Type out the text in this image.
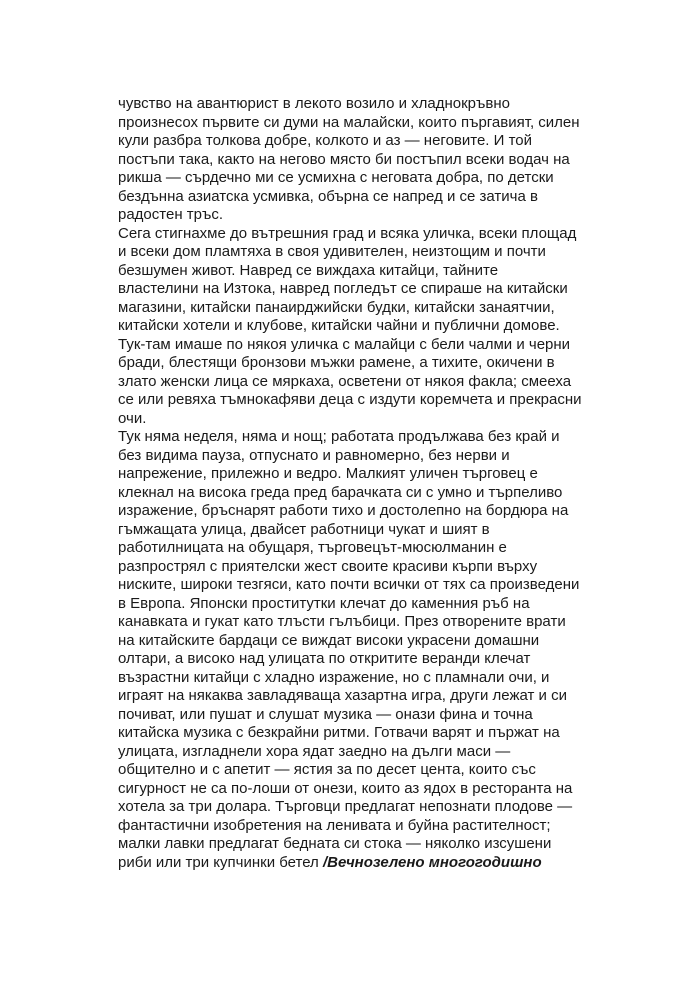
чувство на авантюрист в лекото возило и хладнокръвно
произнесох първите си думи на малайски, които пъргавият, силен
кули разбра толкова добре, колкото и аз — неговите. И той
постъпи така, както на негово място би постъпил всеки водач на
рикша — сърдечно ми се усмихна с неговата добра, по детски
бездънна азиатска усмивка, обърна се напред и се затича в
радостен тръс.
Сега стигнахме до вътрешния град и всяка уличка, всеки площад
и всеки дом пламтяха в своя удивителен, неизтощим и почти
безшумен живот. Навред се виждаха китайци, тайните
властелини на Изтока, навред погледът се спираше на китайски
магазини, китайски панаирджийски будки, китайски занаятчии,
китайски хотели и клубове, китайски чайни и публични домове.
Тук-там имаше по някоя уличка с малайци с бели чалми и черни
бради, блестящи бронзови мъжки рамене, а тихите, окичени в
злато женски лица се мяркаха, осветени от някоя факла; смееха
се или ревяха тъмнокафяви деца с издути коремчета и прекрасни
очи.
Тук няма неделя, няма и нощ; работата продължава без край и
без видима пауза, отпуснато и равномерно, без нерви и
напрежение, прилежно и ведро. Малкият уличен търговец е
клекнал на висока греда пред барачката си с умно и търпеливо
изражение, бръснарят работи тихо и достолепно на бордюра на
гъмжащата улица, двайсет работници чукат и шият в
работилницата на обущаря, търговецът-мюсюлманин е
разпрострял с приятелски жест своите красиви кърпи върху
ниските, широки тезгяси, като почти всички от тях са произведени
в Европа. Японски проститутки клечат до каменния ръб на
канавката и гукат като тлъсти гълъбици. През отворените врати
на китайските бардаци се виждат високи украсени домашни
олтари, а високо над улицата по откритите веранди клечат
възрастни китайци с хладно изражение, но с пламнали очи, и
играят на някаква завладяваща хазартна игра, други лежат и си
почиват, или пушат и слушат музика — онази фина и точна
китайска музика с безкрайни ритми. Готвачи варят и пържат на
улицата, изгладнели хора ядат заедно на дълги маси —
общително и с апетит — ястия за по десет цента, които със
сигурност не са по-лоши от онези, които аз ядох в ресторанта на
хотела за три долара. Търговци предлагат непознати плодове —
фантастични изобретения на ленивата и буйна растителност;
малки лавки предлагат бедната си стока — няколко изсушени
риби или три купчинки бетел /Вечнозелено многогодишно
